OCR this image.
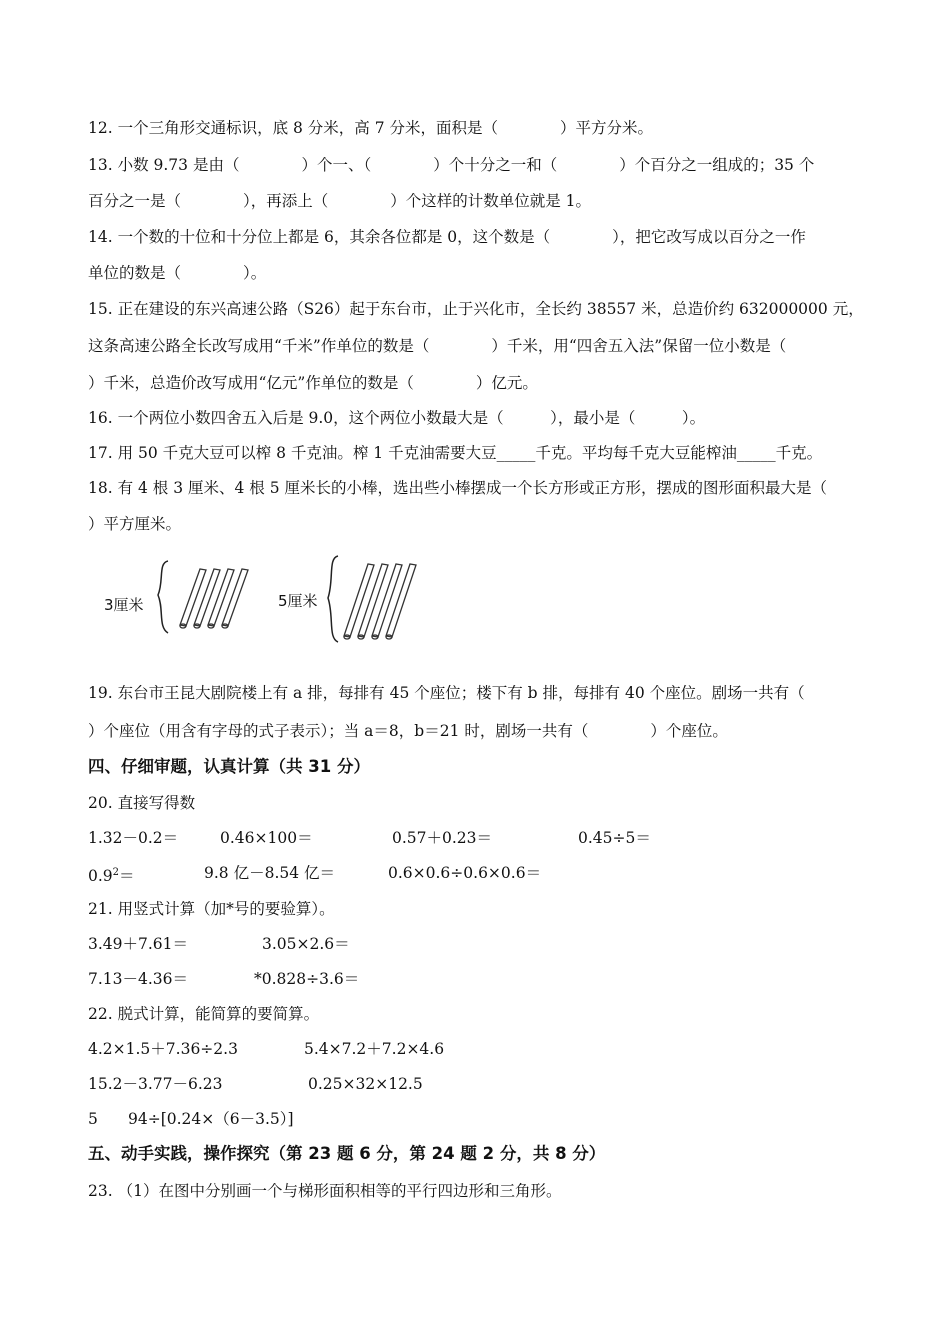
12. 一个三角形交通标识，底 8 分米，高 7 分米，面积是（　　　　）平方分米。
13. 小数 9.73 是由（　　　　）个一、（　　　　）个十分之一和（　　　　）个百分之一组成的；35 个
百分之一是（　　　　），再添上（　　　　）个这样的计数单位就是 1。
14. 一个数的十位和十分位上都是 6，其余各位都是 0，这个数是（　　　　），把它改写成以百分之一作
单位的数是（　　　　）。
15. 正在建设的东兴高速公路（S26）起于东台市，止于兴化市，全长约 38557 米，总造价约 632000000 元，
这条高速公路全长改写成用“千米”作单位的数是（　　　　）千米，用“四舍五入法”保留一位小数是（
）千米，总造价改写成用“亿元”作单位的数是（　　　　）亿元。
16. 一个两位小数四舍五入后是 9.0，这个两位小数最大是（　　　），最小是（　　　）。
17. 用 50 千克大豆可以榨 8 千克油。榨 1 千克油需要大豆_____千克。平均每千克大豆能榨油_____千克。
18. 有 4 根 3 厘米、4 根 5 厘米长的小棒，选出些小棒摆成一个长方形或正方形，摆成的图形面积最大是（
）平方厘米。
3厘米	5厘米
19. 东台市王昆大剧院楼上有 a 排，每排有 45 个座位；楼下有 b 排，每排有 40 个座位。剧场一共有（
）个座位（用含有字母的式子表示）；当 a＝8，b＝21 时，剧场一共有（　　　　）个座位。
四、仔细审题，认真计算（共 31 分）
20. 直接写得数
1.32－0.2＝	0.46×100＝	0.57＋0.23＝	0.45÷5＝
$0.9^2=$	9.8 亿－8.54 亿＝	0.6×0.6÷0.6×0.6＝
21. 用竖式计算（加*号的要验算）。
3.49＋7.61＝	3.05×2.6＝
7.13－4.36＝	*0.828÷3.6＝
22. 脱式计算，能简算的要简算。
4.2×1.5＋7.36÷2.3	5.4×7.2＋7.2×4.6
15.2－3.77－6.23	0.25×32×12.5
5 94÷[0.24×（6－3.5）]
五、动手实践，操作探究（第 23 题 6 分，第 24 题 2 分，共 8 分）
23. （1）在图中分别画一个与梯形面积相等的平行四边形和三角形。
